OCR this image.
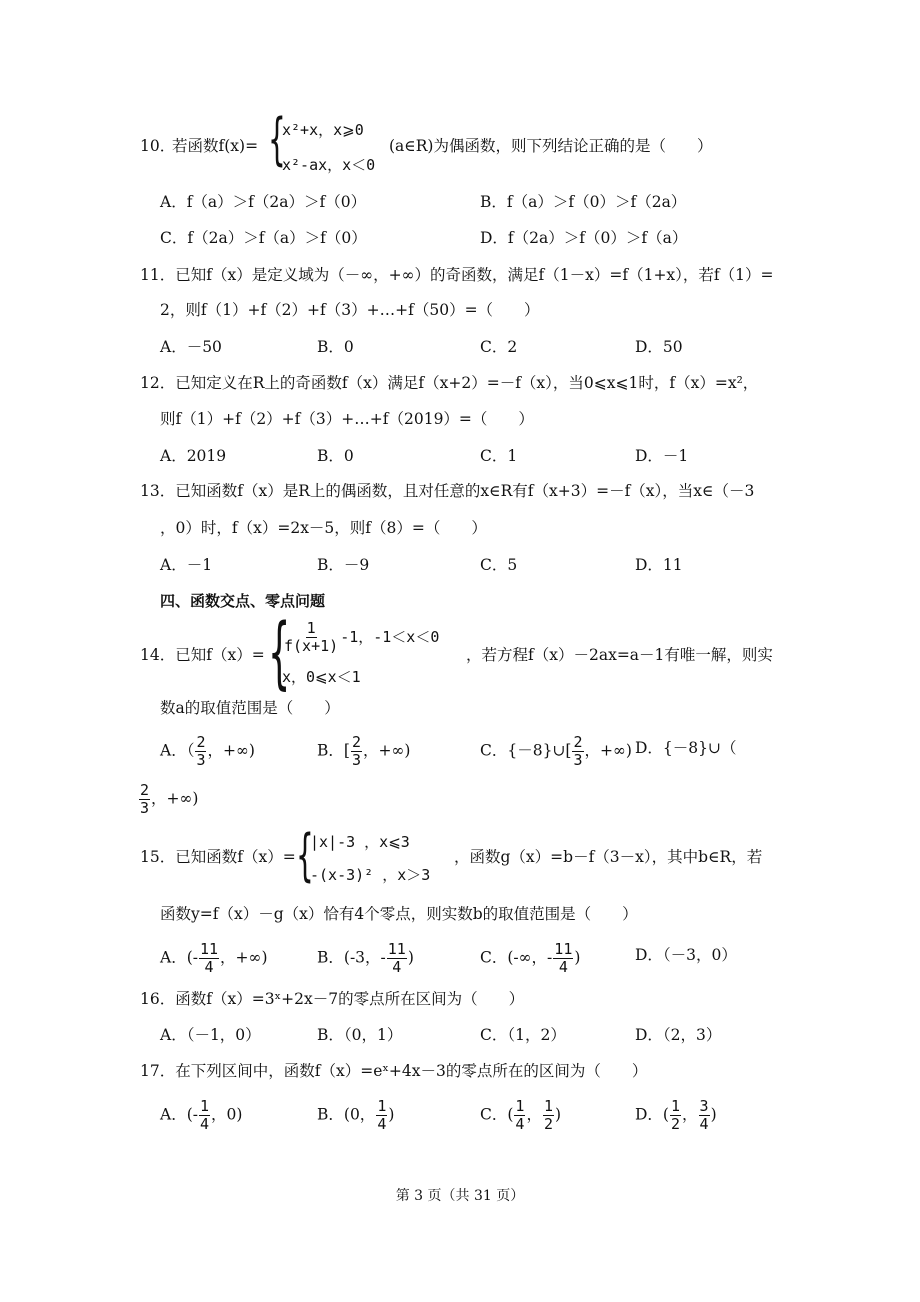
10．
若函数f(x)= {
x²+x，x⩾0
x²-ax，x＜0
(a∈R)为偶函数，则下列结论正确的是（　　）
A．f（a）＞f（2a）＞f（0）	B．f（a）＞f（0）＞f（2a）
C．f（2a）＞f（a）＞f（0）	D．f（2a）＞f（0）＞f（a）
11．已知f（x）是定义域为（－∞，+∞）的奇函数，满足f（1－x）=f（1+x），若f（1）=
2，则f（1）+f（2）+f（3）+…+f（50）=（　　）
A．－50	B．0	C．2	D．50
12．已知定义在R上的奇函数f（x）满足f（x+2）=－f（x），当0⩽x⩽1时，f（x）=x²，
则f（1）+f（2）+f（3）+…+f（2019）=（　　）
A．2019	B．0	C．1	D．－1
13．已知函数f（x）是R上的偶函数，且对任意的x∈R有f（x+3）=－f（x），当x∈（－3
，0）时，f（x）=2x－5，则f（8）=（　　）
A．－1	B．－9	C．5	D．11
四、函数交点、零点问题
14．已知f（x）= {
$\frac{1}{f(x+1)} -1$，-1＜x＜0
x，0⩽x＜1
，若方程f（x）－2ax=a－1有唯一解，则实
数a的取值范围是（　　）
A．（ $\frac{2}{3}$ ，+∞)	B．[ $\frac{2}{3}$ ，+∞)	C．{－8}∪[ $\frac{2}{3}$ ，+∞) D．{－8}∪（
$\frac{2}{3}$ ，+∞)
15．已知函数f（x）= {
|x|-3 ，x⩽3
-(x-3)² ，x＞3
，函数g（x）=b－f（3－x），其中b∈R，若
函数y=f（x）－g（x）恰有4个零点，则实数b的取值范围是（　　）
A．(- $\frac{11}{4}$ ，+∞)	B．(-3，- $\frac{11}{4}$ )	C．(-∞，- $\frac{11}{4}$ )	D．（－3，0）
16．函数f（x）=3ˣ+2x－7的零点所在区间为（　　）
A．（－1，0）	B．（0，1）	C．（1，2）	D．（2，3）
17．在下列区间中，函数f（x）=eˣ+4x－3的零点所在的区间为（　　）
A．(- $\frac{1}{4}$ ，0)	B．(0， $\frac{1}{4}$ )	C．( $\frac{1}{4}$ ， $\frac{1}{2}$ )	D．( $\frac{1}{2}$ ， $\frac{3}{4}$ )
第 3 页（共 31 页）
